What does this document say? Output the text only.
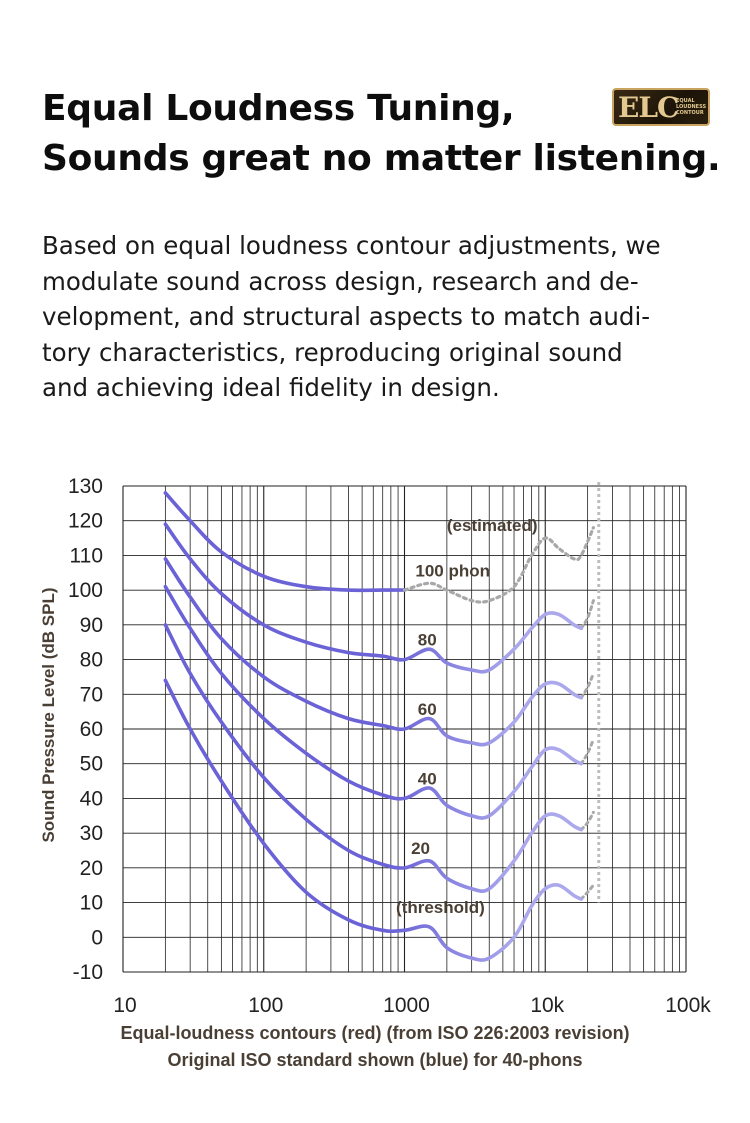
Equal Loudness Tuning,
Sounds great no matter listening.
ELC
EQUAL
LOUDNESS
CONTOUR

Based on equal loudness contour adjustments, we
modulate sound across design, research and de-
velopment, and structural aspects to match audi-
tory characteristics, reproducing original sound
and achieving ideal fidelity in design.

130
120
110
100
90
80
70
60
50
40
30
20
10
0
-10
10	100	1000	10k	100k
(threshold)
20
40
60
80
100 phon
(estimated)
Sound Pressure Level (dB SPL)
Equal-loudness contours (red) (from ISO 226:2003 revision)
Original ISO standard shown (blue) for 40-phons
